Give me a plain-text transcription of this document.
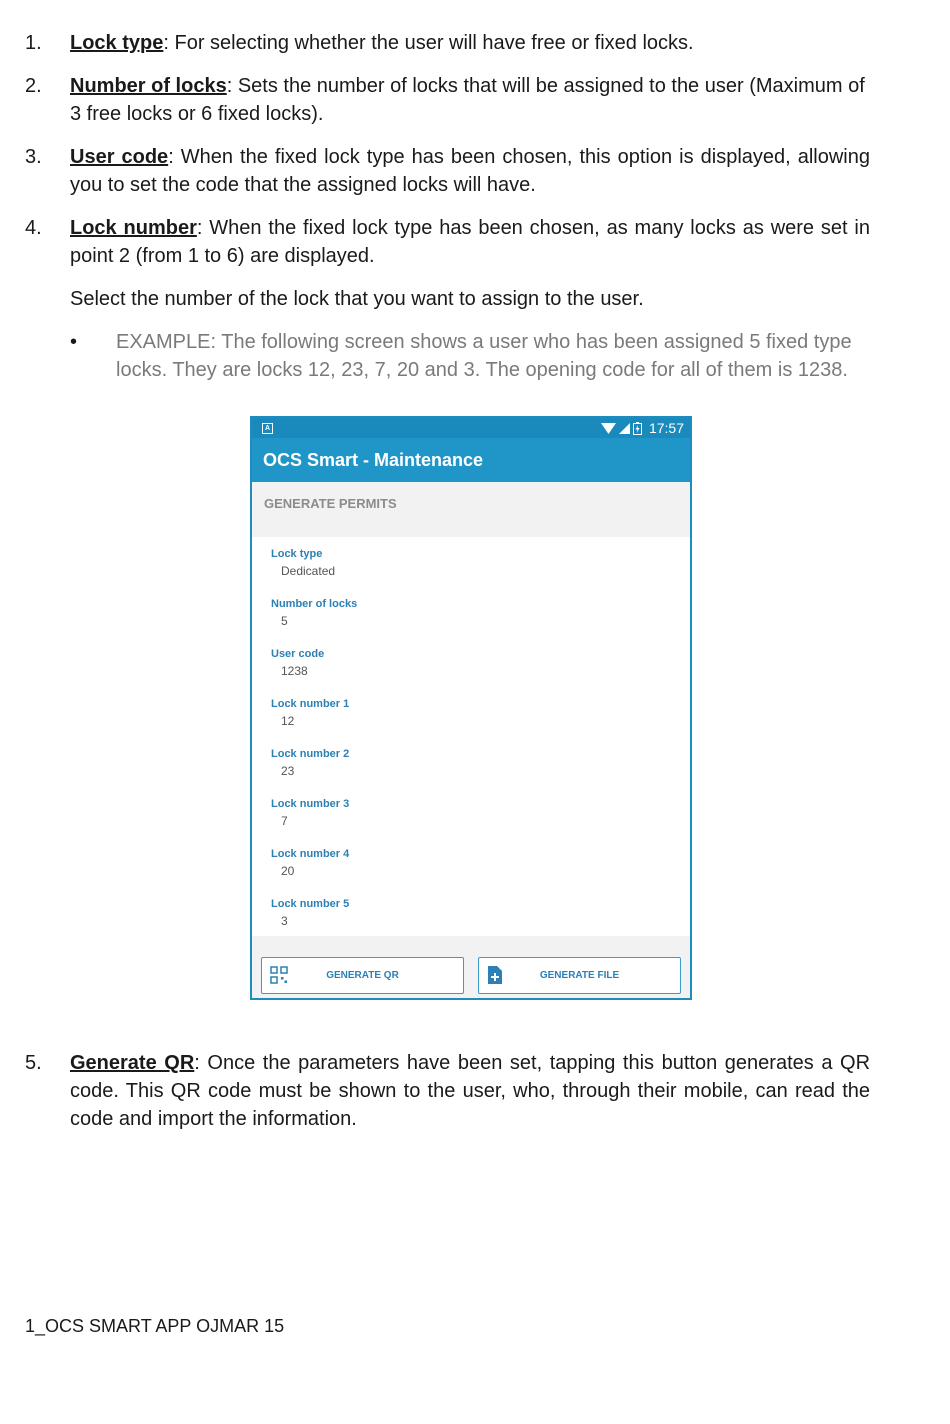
1. Lock type: For selecting whether the user will have free or fixed locks.
2. Number of locks: Sets the number of locks that will be assigned to the user (Maximum of 3 free locks or 6 fixed locks).
3. User code: When the fixed lock type has been chosen, this option is displayed, allowing you to set the code that the assigned locks will have.
4. Lock number: When the fixed lock type has been chosen, as many locks as were set in point 2 (from 1 to 6) are displayed.
Select the number of the lock that you want to assign to the user.
• EXAMPLE: The following screen shows a user who has been assigned 5 fixed type locks. They are locks 12, 23, 7, 20 and 3. The opening code for all of them is 1238.
A	17:57
OCS Smart - Maintenance
GENERATE PERMITS
Lock type
Dedicated
Number of locks
5
User code
1238
Lock number 1
12
Lock number 2
23
Lock number 3
7
Lock number 4
20
Lock number 5
3
GENERATE QR	GENERATE FILE
5. Generate QR: Once the parameters have been set, tapping this button generates a QR code. This QR code must be shown to the user, who, through their mobile, can read the code and import the information.
1_OCS SMART APP OJMAR 15
